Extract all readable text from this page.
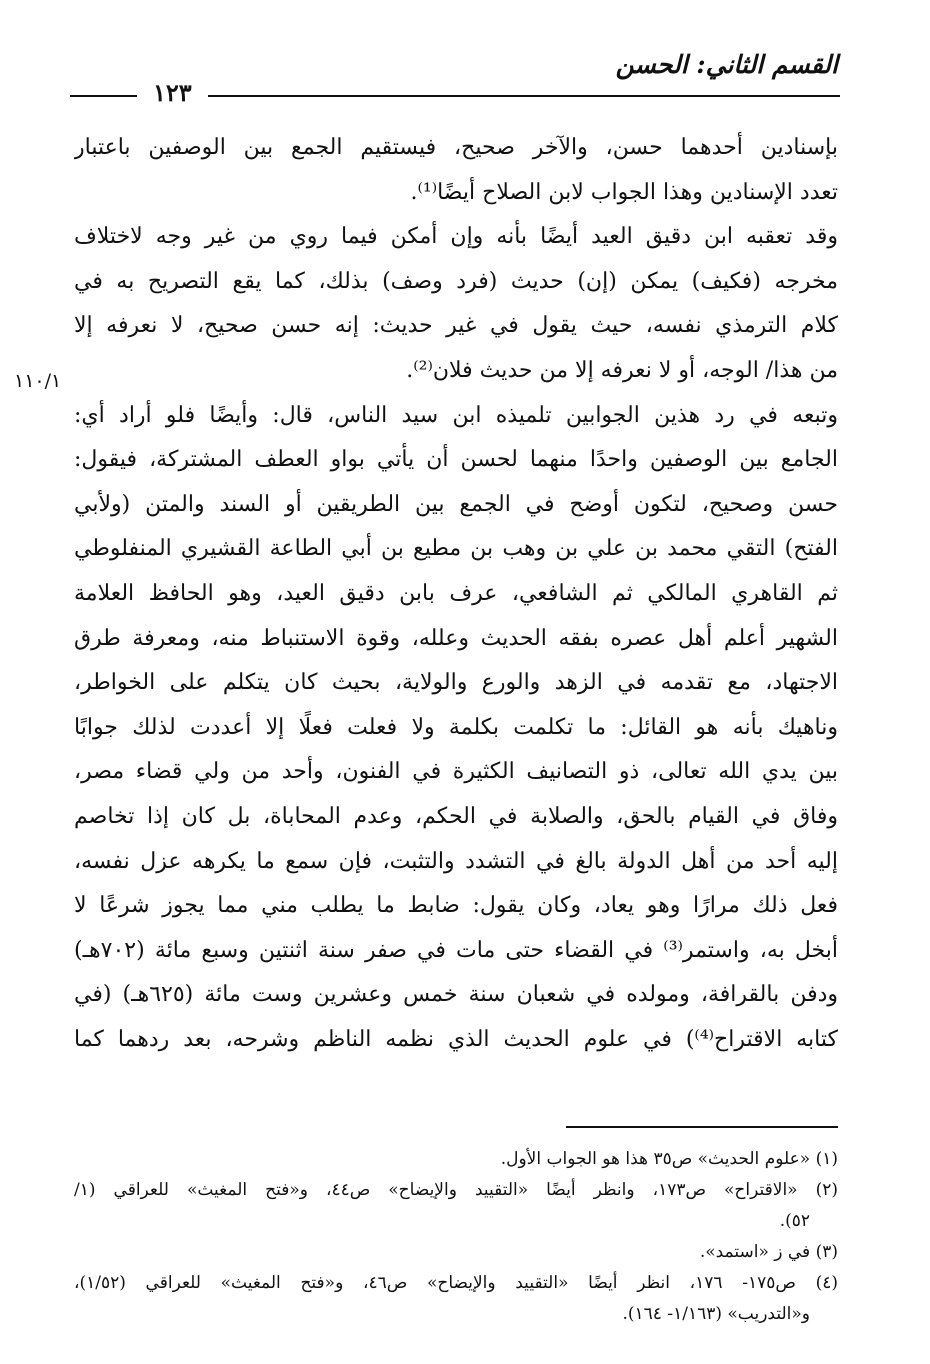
القسم الثاني: الحسن
١٢٣
١١٠/١
بإسنادين أحدهما حسن، والآخر صحيح، فيستقيم الجمع بين الوصفين باعتبار
تعدد الإسنادين وهذا الجواب لابن الصلاح أيضًا⁽¹⁾.
وقد تعقبه ابن دقيق العيد أيضًا بأنه وإن أمكن فيما روي من غير وجه لاختلاف
مخرجه (فكيف) يمكن (إن) حديث (فرد وصف) بذلك، كما يقع التصريح به في
كلام الترمذي نفسه، حيث يقول في غير حديث: إنه حسن صحيح، لا نعرفه إلا
من هذا/ الوجه، أو لا نعرفه إلا من حديث فلان⁽²⁾.
وتبعه في رد هذين الجوابين تلميذه ابن سيد الناس، قال: وأيضًا فلو أراد أي:
الجامع بين الوصفين واحدًا منهما لحسن أن يأتي بواو العطف المشتركة، فيقول:
حسن وصحيح، لتكون أوضح في الجمع بين الطريقين أو السند والمتن (ولأبي
الفتح) التقي محمد بن علي بن وهب بن مطيع بن أبي الطاعة القشيري المنفلوطي
ثم القاهري المالكي ثم الشافعي، عرف بابن دقيق العيد، وهو الحافظ العلامة
الشهير أعلم أهل عصره بفقه الحديث وعلله، وقوة الاستنباط منه، ومعرفة طرق
الاجتهاد، مع تقدمه في الزهد والورع والولاية، بحيث كان يتكلم على الخواطر،
وناهيك بأنه هو القائل: ما تكلمت بكلمة ولا فعلت فعلًا إلا أعددت لذلك جوابًا
بين يدي الله تعالى، ذو التصانيف الكثيرة في الفنون، وأحد من ولي قضاء مصر،
وفاق في القيام بالحق، والصلابة في الحكم، وعدم المحاباة، بل كان إذا تخاصم
إليه أحد من أهل الدولة بالغ في التشدد والتثبت، فإن سمع ما يكرهه عزل نفسه،
فعل ذلك مرارًا وهو يعاد، وكان يقول: ضابط ما يطلب مني مما يجوز شرعًا لا
أبخل به، واستمر⁽³⁾ في القضاء حتى مات في صفر سنة اثنتين وسبع مائة (٧٠٢هـ)
ودفن بالقرافة، ومولده في شعبان سنة خمس وعشرين وست مائة (٦٢٥هـ) (في
كتابه الاقتراح⁽⁴⁾) في علوم الحديث الذي نظمه الناظم وشرحه، بعد ردهما كما
(١) «علوم الحديث» ص٣٥ هذا هو الجواب الأول.
(٢) «الاقتراح» ص١٧٣، وانظر أيضًا «التقييد والإيضاح» ص٤٤، و«فتح المغيث» للعراقي (١/
٥٢).
(٣) في ز «استمد».
(٤) ص١٧٥- ١٧٦، انظر أيضًا «التقييد والإيضاح» ص٤٦، و«فتح المغيث» للعراقي (١/٥٢)،
و«التدريب» (١/١٦٣- ١٦٤).
